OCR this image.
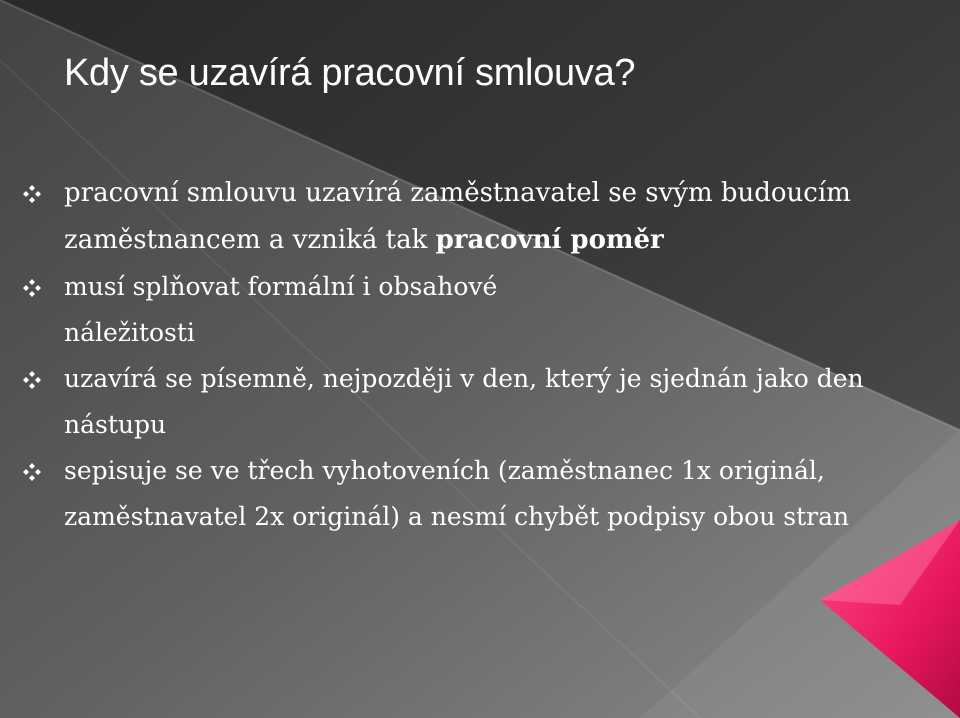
Kdy se uzavírá pracovní smlouva?
pracovní smlouvu uzavírá zaměstnavatel se svým budoucím zaměstnancem a vzniká tak pracovní poměr
musí splňovat formální i obsahové náležitosti
uzavírá se písemně, nejpozději v den, který je sjednán jako den nástupu
sepisuje se ve třech vyhotoveních (zaměstnanec 1x originál, zaměstnavatel 2x originál) a nesmí chybět podpisy obou stran
